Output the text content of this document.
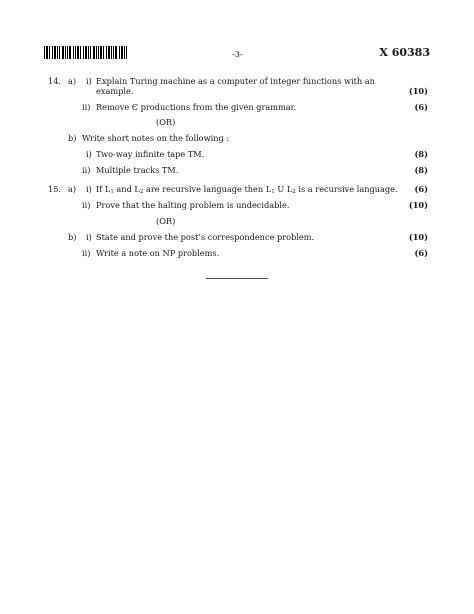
-3-	X 60383
14. a) i) Explain Turing machine as a computer of integer functions with an
example.	(10)
ii) Remove Є productions from the given grammar.	(6)
(OR)
b) Write short notes on the following :
i) Two-way infinite tape TM.	(8)
ii) Multiple tracks TM.	(8)
15. a) i) If $L_1$ and $L_2$ are recursive language then $L_1$ U $L_2$ is a recursive language. (6)
ii) Prove that the halting problem is undecidable.	(10)
(OR)
b) i) State and prove the post’s correspondence problem.	(10)
ii) Write a note on NP problems.	(6)
